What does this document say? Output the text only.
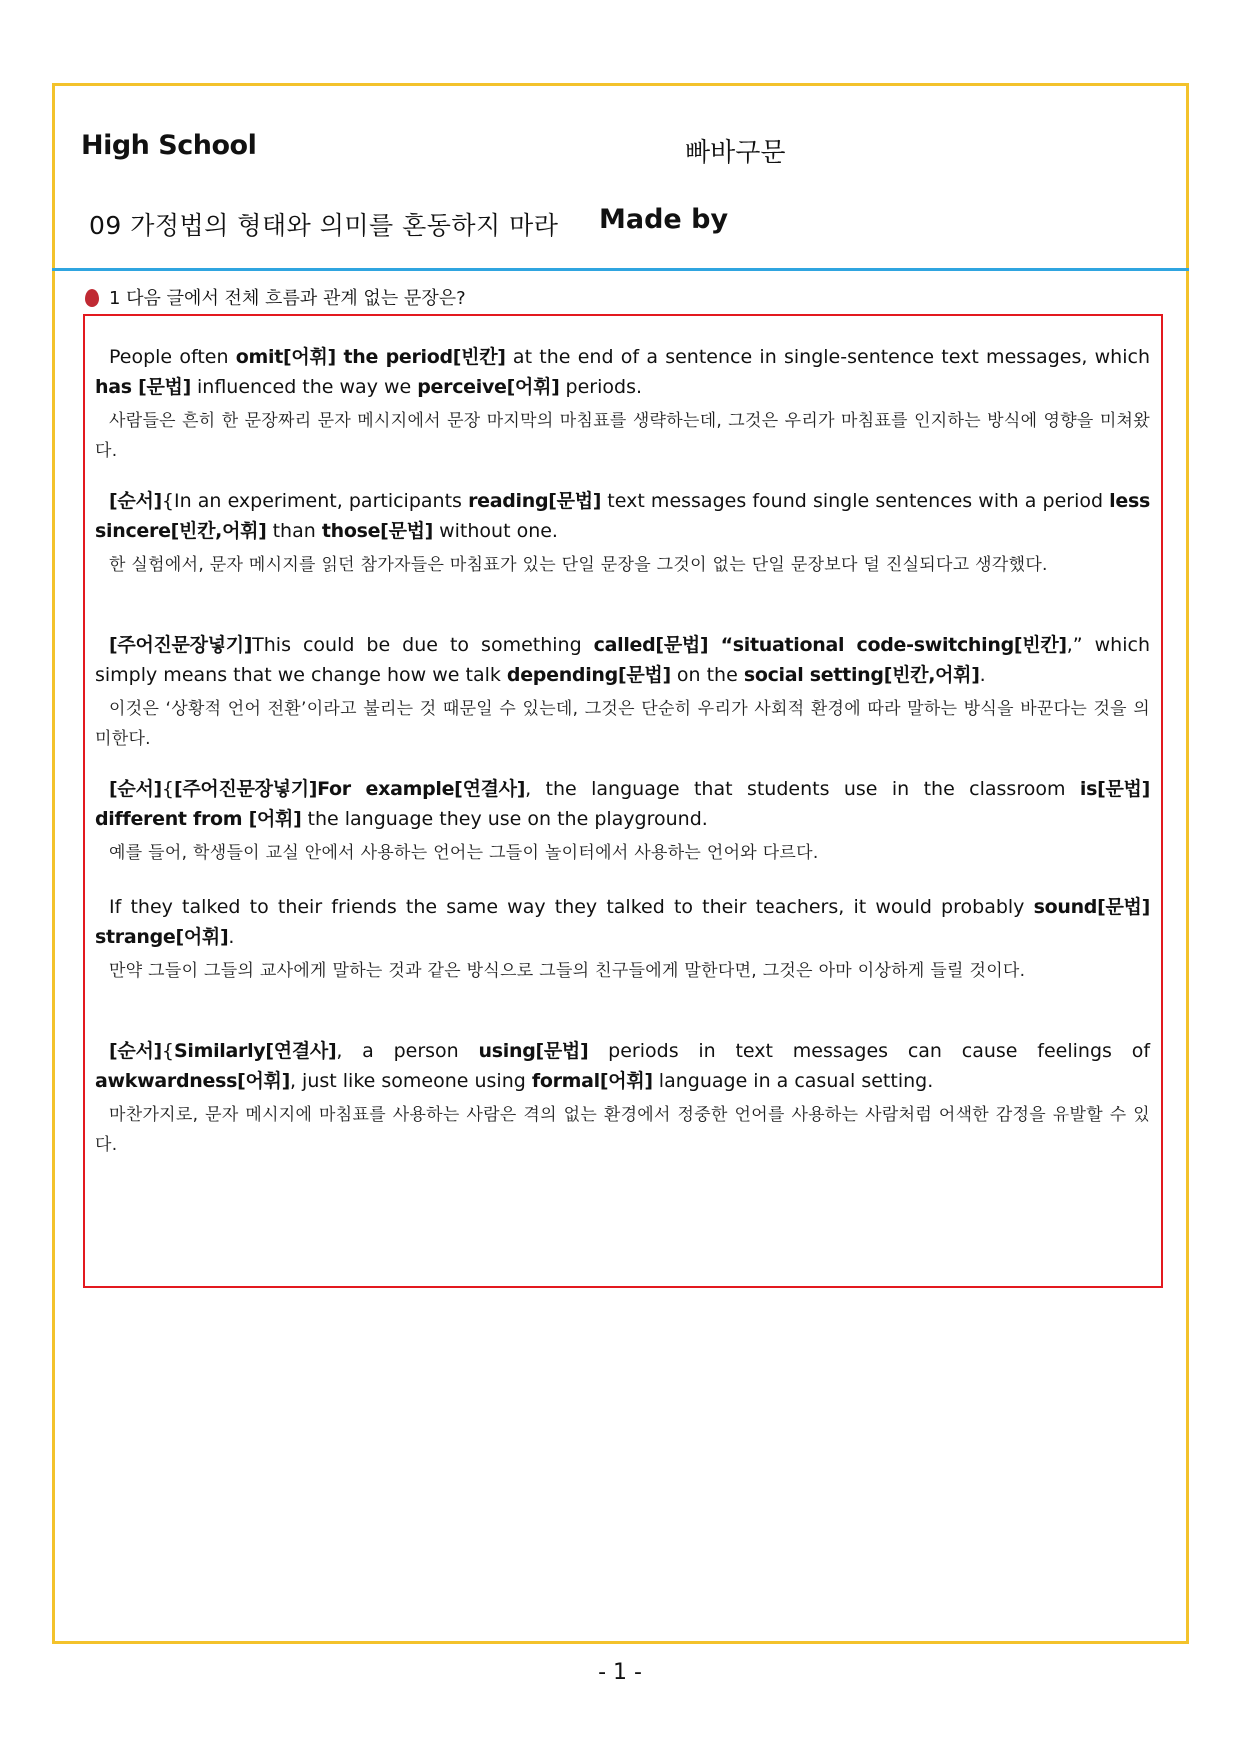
High School	빠바구문
09 가정법의 형태와 의미를 혼동하지 마라 Made by
1 다음 글에서 전체 흐름과 관계 없는 문장은?
People often omit[어휘] the period[빈칸] at the end of a sentence in single-sentence text messages, which has [문법] influenced the way we perceive[어휘] periods.
사람들은 흔히 한 문장짜리 문자 메시지에서 문장 마지막의 마침표를 생략하는데, 그것은 우리가 마침표를 인지하는 방식에 영향을 미쳐왔다.
[순서]{In an experiment, participants reading[문법] text messages found single sentences with a period less sincere[빈칸,어휘] than those[문법] without one.
한 실험에서, 문자 메시지를 읽던 참가자들은 마침표가 있는 단일 문장을 그것이 없는 단일 문장보다 덜 진실되다고 생각했다.
[주어진문장넣기]This could be due to something called[문법] “situational code-switching[빈칸],” which simply means that we change how we talk depending[문법] on the social setting[빈칸,어휘].
이것은 ‘상황적 언어 전환’이라고 불리는 것 때문일 수 있는데, 그것은 단순히 우리가 사회적 환경에 따라 말하는 방식을 바꾼다는 것을 의미한다.
[순서]{[주어진문장넣기]For example[연결사], the language that students use in the classroom is[문법] different from [어휘] the language they use on the playground.
예를 들어, 학생들이 교실 안에서 사용하는 언어는 그들이 놀이터에서 사용하는 언어와 다르다.
If they talked to their friends the same way they talked to their teachers, it would probably sound[문법] strange[어휘].
만약 그들이 그들의 교사에게 말하는 것과 같은 방식으로 그들의 친구들에게 말한다면, 그것은 아마 이상하게 들릴 것이다.
[순서]{Similarly[연결사], a person using[문법] periods in text messages can cause feelings of awkwardness[어휘], just like someone using formal[어휘] language in a casual setting.
마찬가지로, 문자 메시지에 마침표를 사용하는 사람은 격의 없는 환경에서 정중한 언어를 사용하는 사람처럼 어색한 감정을 유발할 수 있다.
- 1 -
